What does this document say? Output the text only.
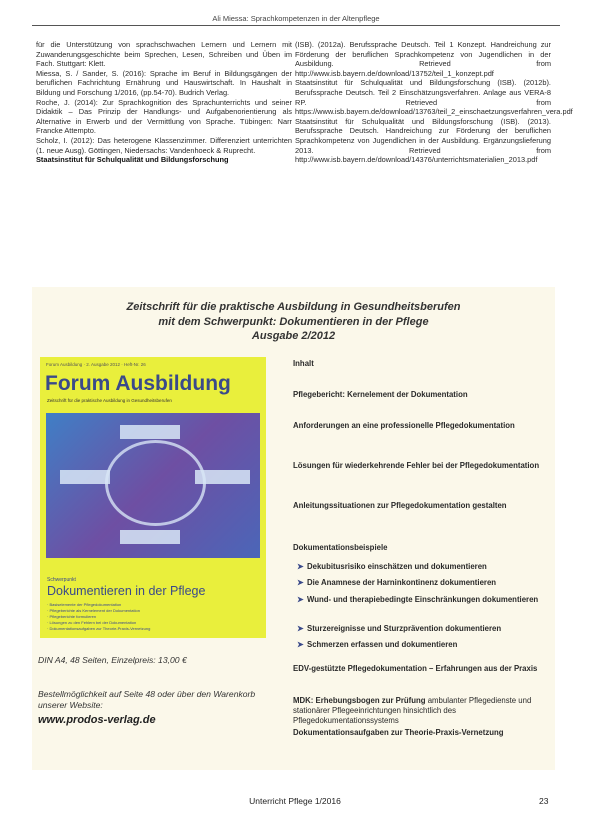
Ali Miessa: Sprachkompetenzen in der Altenpflege

für die Unterstützung von sprachschwachen Lernern und Lernern mit Zuwanderungsgeschichte beim Sprechen, Lesen, Schreiben und Üben im Fach. Stuttgart: Klett.

Miessa, S. / Sander, S. (2016): Sprache im Beruf in Bildungsgängen der beruflichen Fachrichtung Ernährung und Hauswirtschaft. In Haushalt in Bildung und Forschung 1/2016, (pp.54-70). Budrich Verlag.

Roche, J. (2014): Zur Sprachkognition des Sprachunterrichts und seiner Didaktik – Das Prinzip der Handlungs- und Aufgabenorientierung als Alternative in Erwerb und der Vermittlung von Sprache. Tübingen: Narr Francke Attempto.

Scholz, I. (2012): Das heterogene Klassenzimmer. Differenziert unterrichten (1. neue Ausg). Göttingen, Niedersachs: Vandenhoeck & Ruprecht.

Staatsinstitut für Schulqualität und Bildungsforschung

(ISB). (2012a). Berufssprache Deutsch. Teil 1 Konzept. Handreichung zur Förderung der beruflichen Sprachkompetenz von Jugendlichen in der Ausbildung. Retrieved from http://www.isb.bayern.de/download/13752/teil_1_konzept.pdf

Staatsinstitut für Schulqualität und Bildungsforschung (ISB). (2012b). Berufssprache Deutsch. Teil 2 Einschätzungsverfahren. Anlage aus VERA-8 RP. Retrieved from https://www.isb.bayern.de/download/13763/teil_2_einschaetzungsverfahren_vera.pdf

Staatsinstitut für Schulqualität und Bildungsforschung (ISB). (2013). Berufssprache Deutsch. Handreichung zur Förderung der beruflichen Sprachkompetenz von Jugendlichen in der Ausbildung. Ergänzungslieferung 2013. Retrieved from http://www.isb.bayern.de/download/14376/unterrichtsmaterialien_2013.pdf

Zeitschrift für die praktische Ausbildung in Gesundheitsberufen
mit dem Schwerpunkt: Dokumentieren in der Pflege
Ausgabe 2/2012
Forum Ausbildung · 2. Ausgabe 2012 · Heft-Nr. 26
Forum Ausbildung
Zeitschrift für die praktische Ausbildung in Gesundheitsberufen
Schwerpunkt
Dokumentieren in der Pflege
· Basiselemente der Pflegedokumentation
· Pflegeberichte als Kernelement der Dokumentation
· Pflegeberichte formulieren
· Lösungen zu den Fehlern bei der Dokumentation
· Dokumentationsaufgaben zur Theorie-Praxis-Vernetzung
DIN A4, 48 Seiten, Einzelpreis: 13,00 €
Bestellmöglichkeit auf Seite 48 oder über den Warenkorb unserer Website:
www.prodos-verlag.de
Inhalt
Pflegebericht: Kernelement der Dokumentation
Anforderungen an eine professionelle Pflegedokumentation
Lösungen für wiederkehrende Fehler bei der Pflegedokumentation
Anleitungssituationen zur Pflegedokumentation gestalten
Dokumentationsbeispiele
➤ Dekubitusrisiko einschätzen und dokumentieren
➤ Die Anamnese der Harninkontinenz dokumentieren
➤ Wund- und therapiebedingte Einschränkungen dokumentieren
➤ Sturzereignisse und Sturzprävention dokumentieren
➤ Schmerzen erfassen und dokumentieren
EDV-gestützte Pflegedokumentation – Erfahrungen aus der Praxis
MDK: Erhebungsbogen zur Prüfung ambulanter Pflegedienste und stationärer Pflegeeinrichtungen hinsichtlich des Pflegedokumentationssystems
Dokumentationsaufgaben zur Theorie-Praxis-Vernetzung
Unterricht Pflege 1/2016	23
